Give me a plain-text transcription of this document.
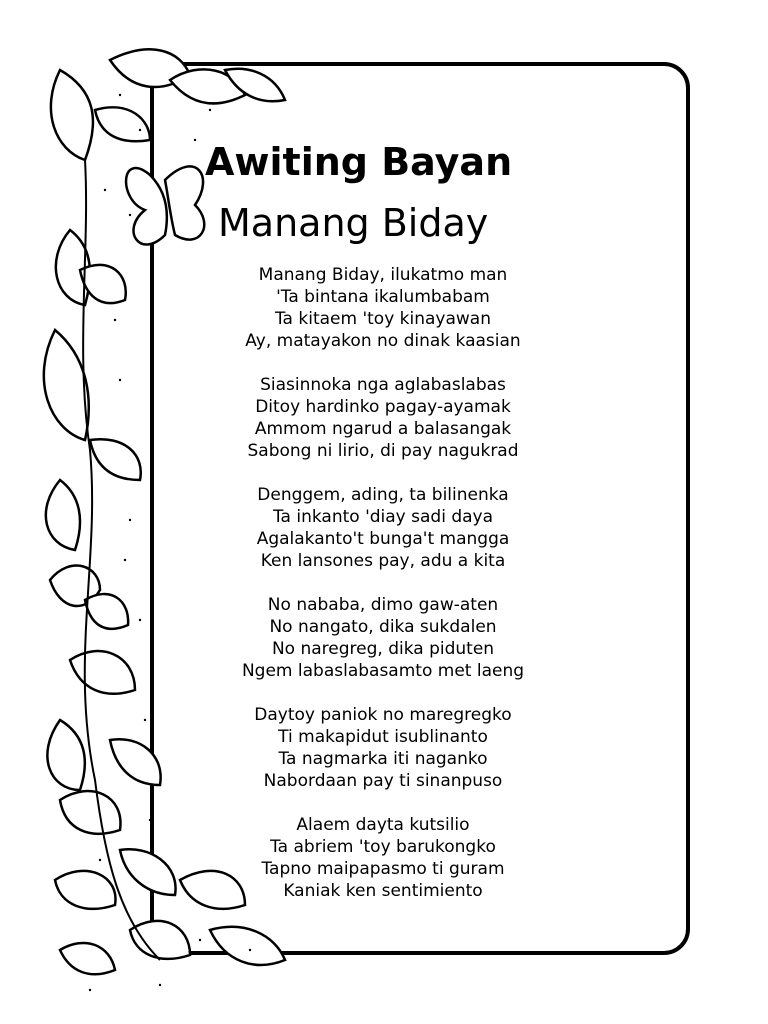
Awiting Bayan
Manang Biday

Manang Biday, ilukatmo man
'Ta bintana ikalumbabam
Ta kitaem 'toy kinayawan
Ay, matayakon no dinak kaasian

Siasinnoka nga aglabaslabas
Ditoy hardinko pagay-ayamak
Ammom ngarud a balasangak
Sabong ni lirio, di pay nagukrad

Denggem, ading, ta bilinenka
Ta inkanto 'diay sadi daya
Agalakanto't bunga't mangga
Ken lansones pay, adu a kita

No nababa, dimo gaw-aten
No nangato, dika sukdalen
No naregreg, dika piduten
Ngem labaslabasamto met laeng

Daytoy paniok no maregregko
Ti makapidut isublinanto
Ta nagmarka iti naganko
Nabordaan pay ti sinanpuso

Alaem dayta kutsilio
Ta abriem 'toy barukongko
Tapno maipapasmo ti guram
Kaniak ken sentimiento
